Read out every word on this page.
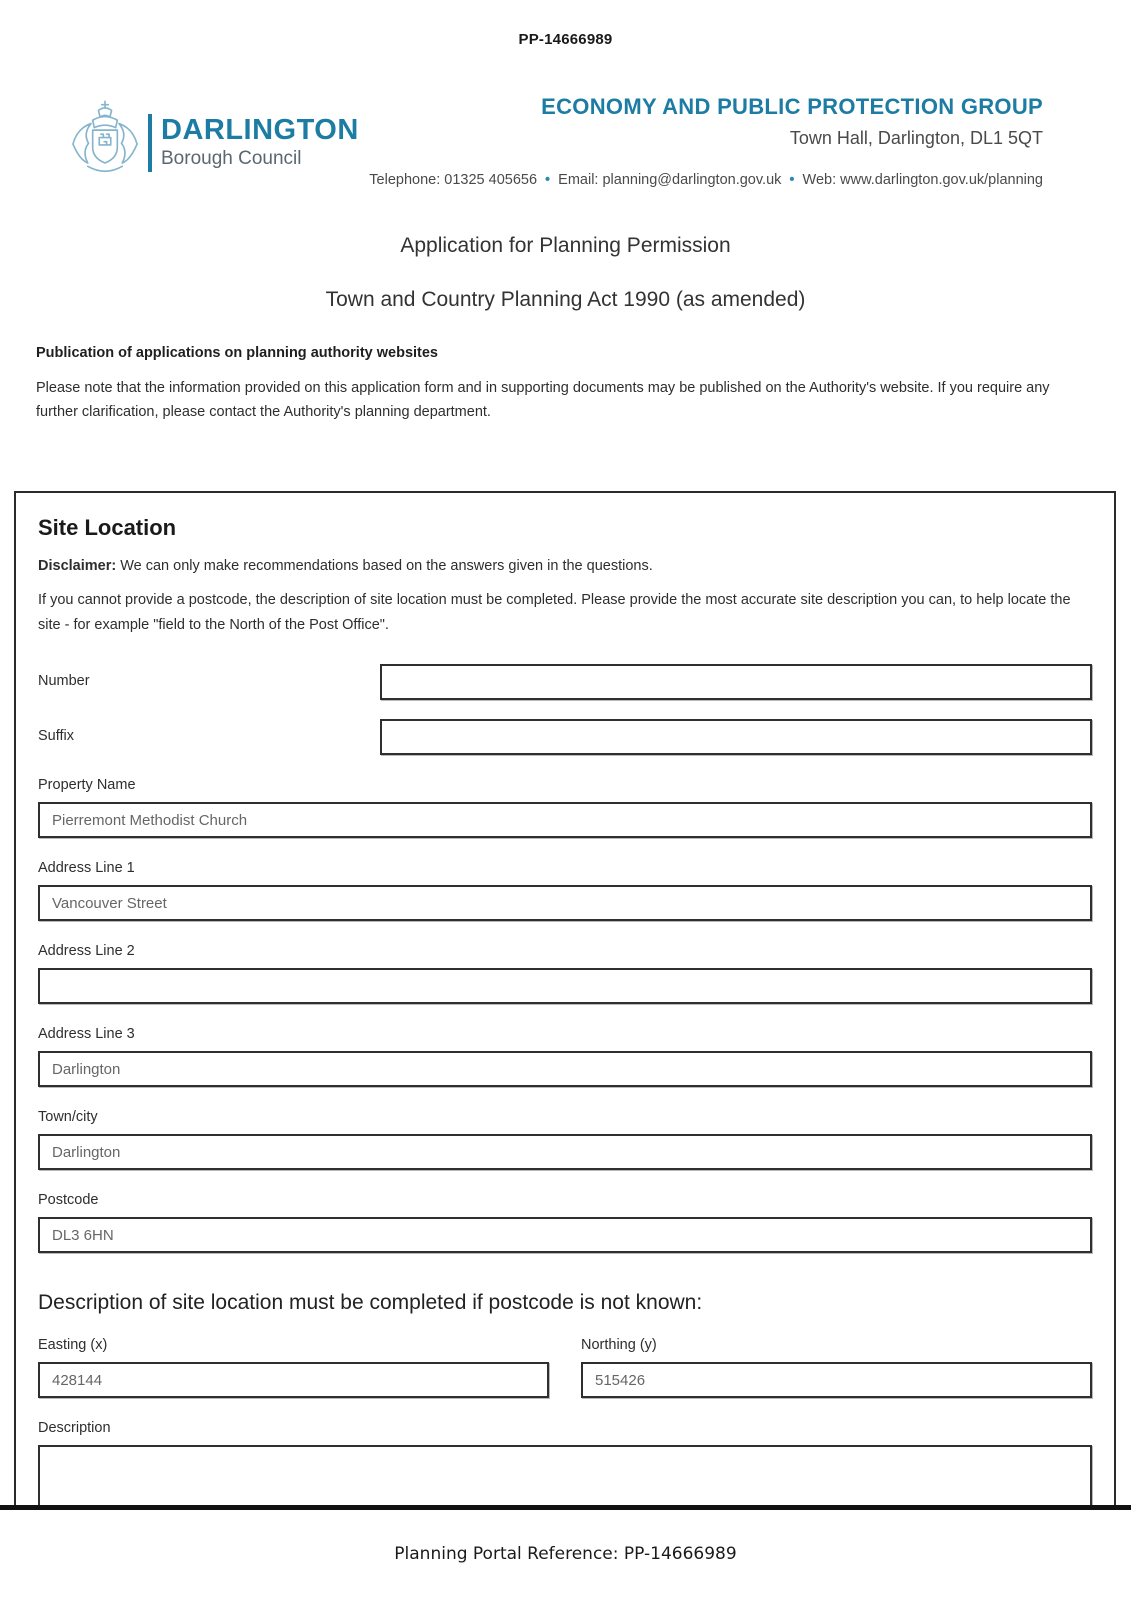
PP-14666989
DARLINGTON
Borough Council
ECONOMY AND PUBLIC PROTECTION GROUP
Town Hall, Darlington, DL1 5QT
Telephone: 01325 405656 • Email: planning@darlington.gov.uk • Web: www.darlington.gov.uk/planning
Application for Planning Permission
Town and Country Planning Act 1990 (as amended)
Publication of applications on planning authority websites

Please note that the information provided on this application form and in supporting documents may be published on the Authority's website. If you require any further clarification, please contact the Authority's planning department.

Site Location

Disclaimer: We can only make recommendations based on the answers given in the questions.

If you cannot provide a postcode, the description of site location must be completed. Please provide the most accurate site description you can, to help locate the site - for example "field to the North of the Post Office".

Number
Suffix
Property Name
Pierremont Methodist Church
Address Line 1
Vancouver Street
Address Line 2
Address Line 3
Darlington
Town/city
Darlington
Postcode
DL3 6HN
Description of site location must be completed if postcode is not known:
Easting (x)
428144	Northing (y)
515426
Description
Planning Portal Reference: PP-14666989
